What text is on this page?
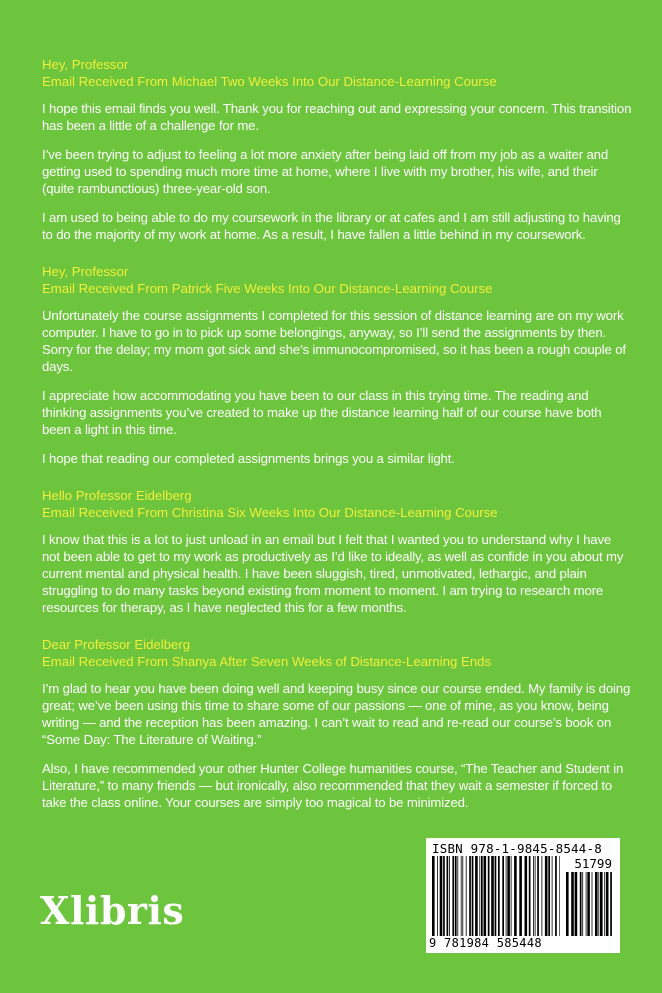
Hey, Professor
Email Received From Michael Two Weeks Into Our Distance-Learning Course

I hope this email finds you well. Thank you for reaching out and expressing your concern. This transition has been a little of a challenge for me.

I’ve been trying to adjust to feeling a lot more anxiety after being laid off from my job as a waiter and getting used to spending much more time at home, where I live with my brother, his wife, and their (quite rambunctious) three-year-old son.

I am used to being able to do my coursework in the library or at cafes and I am still adjusting to having to do the majority of my work at home. As a result, I have fallen a little behind in my coursework.

Hey, Professor
Email Received From Patrick Five Weeks Into Our Distance-Learning Course

Unfortunately the course assignments I completed for this session of distance learning are on my work computer. I have to go in to pick up some belongings, anyway, so I’ll send the assignments by then. Sorry for the delay; my mom got sick and she’s immunocompromised, so it has been a rough couple of days.

I appreciate how accommodating you have been to our class in this trying time. The reading and thinking assignments you’ve created to make up the distance learning half of our course have both been a light in this time.

I hope that reading our completed assignments brings you a similar light.

Hello Professor Eidelberg
Email Received From Christina Six Weeks Into Our Distance-Learning Course

I know that this is a lot to just unload in an email but I felt that I wanted you to understand why I have not been able to get to my work as productively as I’d like to ideally, as well as confide in you about my current mental and physical health. I have been sluggish, tired, unmotivated, lethargic, and plain struggling to do many tasks beyond existing from moment to moment. I am trying to research more resources for therapy, as I have neglected this for a few months.

Dear Professor Eidelberg
Email Received From Shanya After Seven Weeks of Distance-Learning Ends

I’m glad to hear you have been doing well and keeping busy since our course ended. My family is doing great; we’ve been using this time to share some of our passions — one of mine, as you know, being writing — and the reception has been amazing. I can’t wait to read and re-read our course’s book on “Some Day: The Literature of Waiting.”

Also, I have recommended your other Hunter College humanities course, “The Teacher and Student in Literature,” to many friends — but ironically, also recommended that they wait a semester if forced to take the class online. Your courses are simply too magical to be minimized.

Xlibris
ISBN 978-1-9845-8544-8
51799
9 781984 585448
